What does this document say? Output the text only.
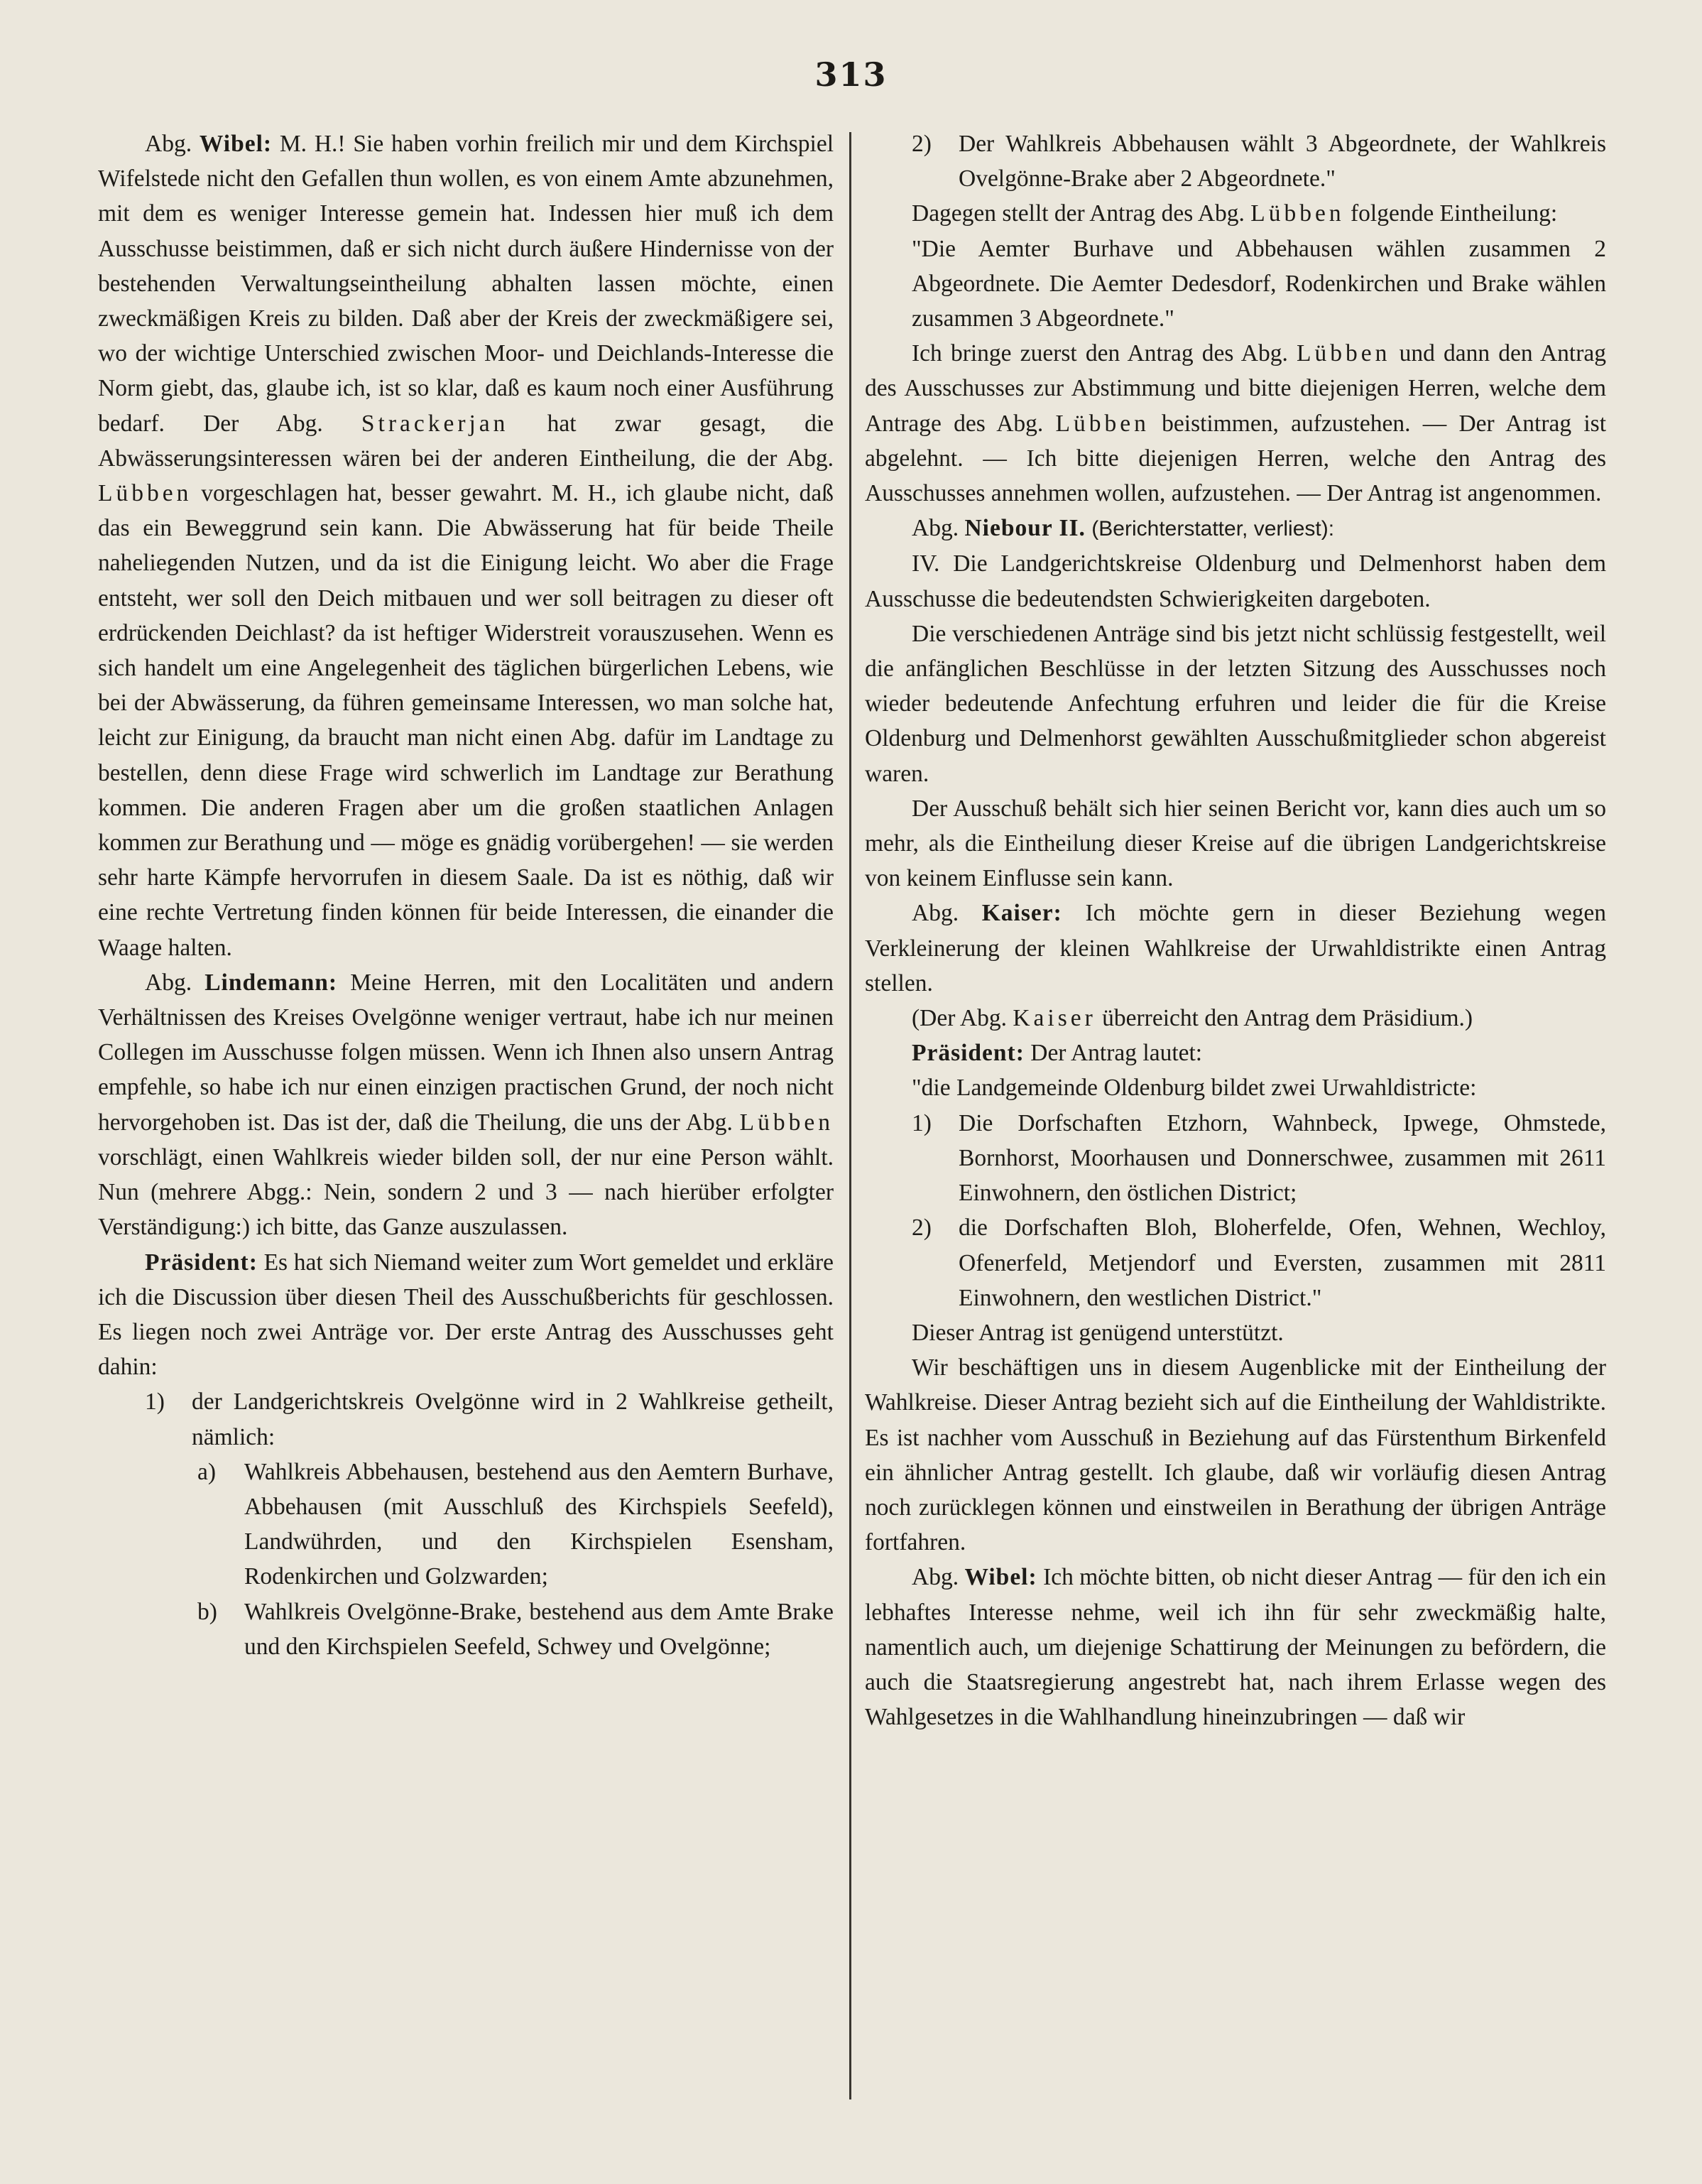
313

Abg. Wibel: M. H.! Sie haben vorhin freilich mir und dem Kirchspiel Wifelstede nicht den Gefallen thun wollen, es von einem Amte abzunehmen, mit dem es weniger Interesse gemein hat. Indessen hier muß ich dem Ausschusse beistimmen, daß er sich nicht durch äußere Hindernisse von der bestehenden Verwaltungseintheilung abhalten lassen möchte, einen zweckmäßigen Kreis zu bilden. Daß aber der Kreis der zweckmäßigere sei, wo der wichtige Unterschied zwischen Moor- und Deichlands-Interesse die Norm giebt, das, glaube ich, ist so klar, daß es kaum noch einer Ausführung bedarf. Der Abg. Strackerjan hat zwar gesagt, die Abwässerungsinteressen wären bei der anderen Eintheilung, die der Abg. Lübben vorgeschlagen hat, besser gewahrt. M. H., ich glaube nicht, daß das ein Beweggrund sein kann. Die Abwässerung hat für beide Theile naheliegenden Nutzen, und da ist die Einigung leicht. Wo aber die Frage entsteht, wer soll den Deich mitbauen und wer soll beitragen zu dieser oft erdrückenden Deichlast? da ist heftiger Widerstreit vorauszusehen. Wenn es sich handelt um eine Angelegenheit des täglichen bürgerlichen Lebens, wie bei der Abwässerung, da führen gemeinsame Interessen, wo man solche hat, leicht zur Einigung, da braucht man nicht einen Abg. dafür im Landtage zu bestellen, denn diese Frage wird schwerlich im Landtage zur Berathung kommen. Die anderen Fragen aber um die großen staatlichen Anlagen kommen zur Berathung und — möge es gnädig vorübergehen! — sie werden sehr harte Kämpfe hervorrufen in diesem Saale. Da ist es nöthig, daß wir eine rechte Vertretung finden können für beide Interessen, die einander die Waage halten.

Abg. Lindemann: Meine Herren, mit den Localitäten und andern Verhältnissen des Kreises Ovelgönne weniger vertraut, habe ich nur meinen Collegen im Ausschusse folgen müssen. Wenn ich Ihnen also unsern Antrag empfehle, so habe ich nur einen einzigen practischen Grund, der noch nicht hervorgehoben ist. Das ist der, daß die Theilung, die uns der Abg. Lübben vorschlägt, einen Wahlkreis wieder bilden soll, der nur eine Person wählt. Nun (mehrere Abgg.: Nein, sondern 2 und 3 — nach hierüber erfolgter Verständigung:) ich bitte, das Ganze auszulassen.

Präsident: Es hat sich Niemand weiter zum Wort gemeldet und erkläre ich die Discussion über diesen Theil des Ausschußberichts für geschlossen. Es liegen noch zwei Anträge vor. Der erste Antrag des Ausschusses geht dahin:

1)	der Landgerichtskreis Ovelgönne wird in 2 Wahlkreise getheilt, nämlich:
a)	Wahlkreis Abbehausen, bestehend aus den Aemtern Burhave, Abbehausen (mit Ausschluß des Kirchspiels Seefeld), Landwührden, und den Kirchspielen Esensham, Rodenkirchen und Golzwarden;
b)	Wahlkreis Ovelgönne-Brake, bestehend aus dem Amte Brake und den Kirchspielen Seefeld, Schwey und Ovelgönne;
2)	Der Wahlkreis Abbehausen wählt 3 Abgeordnete, der Wahlkreis Ovelgönne-Brake aber 2 Abgeordnete."

Dagegen stellt der Antrag des Abg. Lübben folgende Eintheilung:

"Die Aemter Burhave und Abbehausen wählen zusammen 2 Abgeordnete. Die Aemter Dedesdorf, Rodenkirchen und Brake wählen zusammen 3 Abgeordnete."

Ich bringe zuerst den Antrag des Abg. Lübben und dann den Antrag des Ausschusses zur Abstimmung und bitte diejenigen Herren, welche dem Antrage des Abg. Lübben beistimmen, aufzustehen. — Der Antrag ist abgelehnt. — Ich bitte diejenigen Herren, welche den Antrag des Ausschusses annehmen wollen, aufzustehen. — Der Antrag ist angenommen.

Abg. Niebour II. (Berichterstatter, verliest):

IV. Die Landgerichtskreise Oldenburg und Delmenhorst haben dem Ausschusse die bedeutendsten Schwierigkeiten dargeboten.

Die verschiedenen Anträge sind bis jetzt nicht schlüssig festgestellt, weil die anfänglichen Beschlüsse in der letzten Sitzung des Ausschusses noch wieder bedeutende Anfechtung erfuhren und leider die für die Kreise Oldenburg und Delmenhorst gewählten Ausschußmitglieder schon abgereist waren.

Der Ausschuß behält sich hier seinen Bericht vor, kann dies auch um so mehr, als die Eintheilung dieser Kreise auf die übrigen Landgerichtskreise von keinem Einflusse sein kann.

Abg. Kaiser: Ich möchte gern in dieser Beziehung wegen Verkleinerung der kleinen Wahlkreise der Urwahldistrikte einen Antrag stellen.

(Der Abg. Kaiser überreicht den Antrag dem Präsidium.)

Präsident: Der Antrag lautet:

"die Landgemeinde Oldenburg bildet zwei Urwahldistricte:

1)	Die Dorfschaften Etzhorn, Wahnbeck, Ipwege, Ohmstede, Bornhorst, Moorhausen und Donnerschwee, zusammen mit 2611 Einwohnern, den östlichen District;
2)	die Dorfschaften Bloh, Bloherfelde, Ofen, Wehnen, Wechloy, Ofenerfeld, Metjendorf und Eversten, zusammen mit 2811 Einwohnern, den westlichen District."

Dieser Antrag ist genügend unterstützt.

Wir beschäftigen uns in diesem Augenblicke mit der Eintheilung der Wahlkreise. Dieser Antrag bezieht sich auf die Eintheilung der Wahldistrikte. Es ist nachher vom Ausschuß in Beziehung auf das Fürstenthum Birkenfeld ein ähnlicher Antrag gestellt. Ich glaube, daß wir vorläufig diesen Antrag noch zurücklegen können und einstweilen in Berathung der übrigen Anträge fortfahren.

Abg. Wibel: Ich möchte bitten, ob nicht dieser Antrag — für den ich ein lebhaftes Interesse nehme, weil ich ihn für sehr zweckmäßig halte, namentlich auch, um diejenige Schattirung der Meinungen zu befördern, die auch die Staatsregierung angestrebt hat, nach ihrem Erlasse wegen des Wahlgesetzes in die Wahlhandlung hineinzubringen — daß wir
